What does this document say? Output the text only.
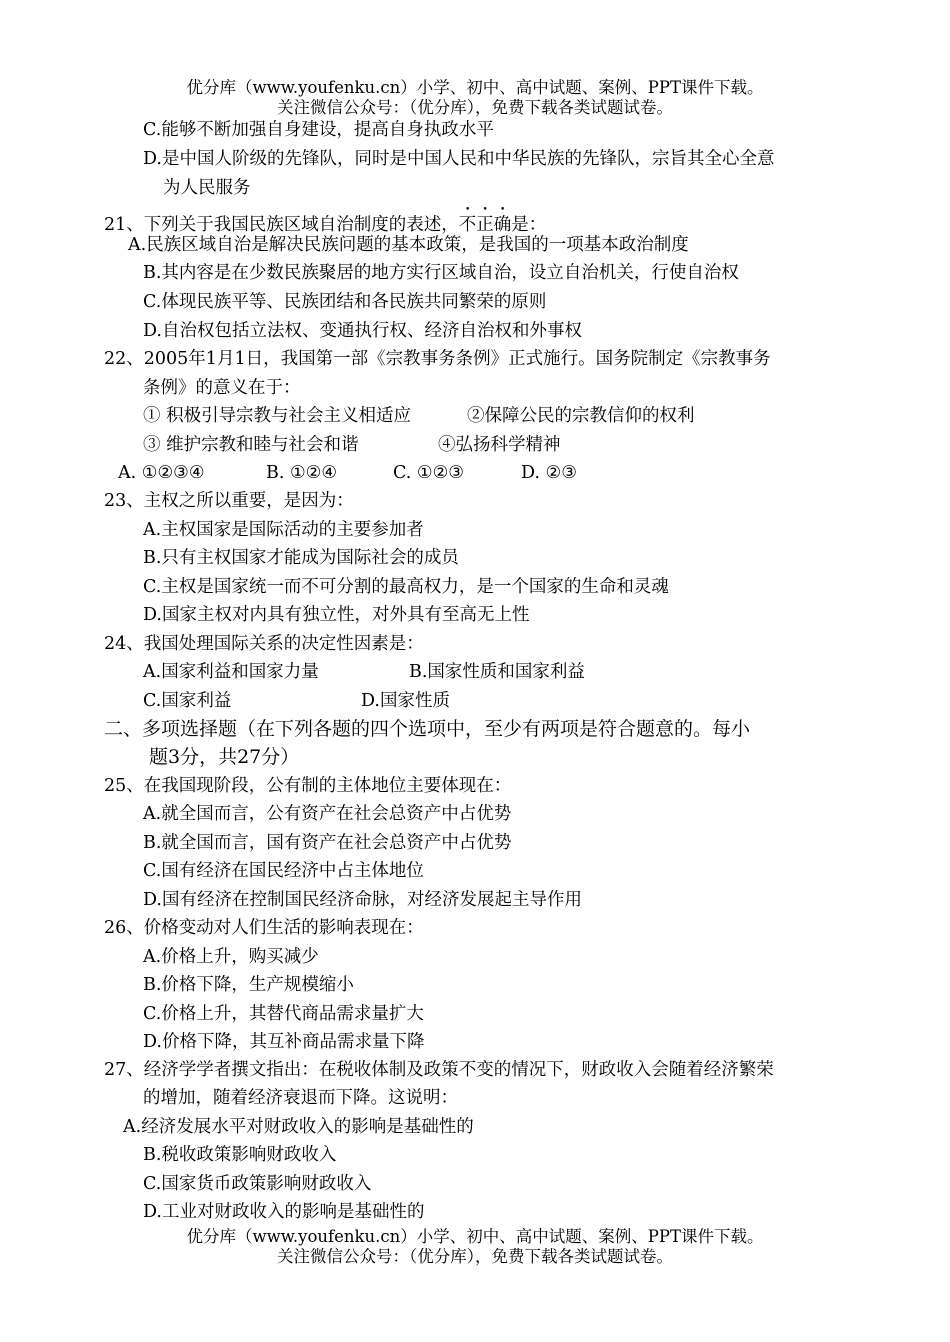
优分库（www.youfenku.cn）小学、初中、高中试题、案例、PPT课件下载。
关注微信公众号：（优分库），免费下载各类试题试卷。
C.能够不断加强自身建设，提高自身执政水平
D.是中国人阶级的先锋队，同时是中国人民和中华民族的先锋队，宗旨其全心全意
为人民服务
21、下列关于我国民族区域自治制度的表述，不正确是：
A.民族区域自治是解决民族问题的基本政策，是我国的一项基本政治制度
B.其内容是在少数民族聚居的地方实行区域自治，设立自治机关，行使自治权
C.体现民族平等、民族团结和各民族共同繁荣的原则
D.自治权包括立法权、变通执行权、经济自治权和外事权
22、2005年1月1日，我国第一部《宗教事务条例》正式施行。国务院制定《宗教事务
条例》的意义在于：
① 积极引导宗教与社会主义相适应	②保障公民的宗教信仰的权利
③ 维护宗教和睦与社会和谐	④弘扬科学精神
A. ①②③④	B. ①②④	C. ①②③	D. ②③
23、主权之所以重要，是因为：
A.主权国家是国际活动的主要参加者
B.只有主权国家才能成为国际社会的成员
C.主权是国家统一而不可分割的最高权力，是一个国家的生命和灵魂
D.国家主权对内具有独立性，对外具有至高无上性
24、我国处理国际关系的决定性因素是：
A.国家利益和国家力量	B.国家性质和国家利益
C.国家利益	D.国家性质
二、多项选择题（在下列各题的四个选项中，至少有两项是符合题意的。每小
题3分，共27分）
25、在我国现阶段，公有制的主体地位主要体现在：
A.就全国而言，公有资产在社会总资产中占优势
B.就全国而言，国有资产在社会总资产中占优势
C.国有经济在国民经济中占主体地位
D.国有经济在控制国民经济命脉，对经济发展起主导作用
26、价格变动对人们生活的影响表现在：
A.价格上升，购买减少
B.价格下降，生产规模缩小
C.价格上升，其替代商品需求量扩大
D.价格下降，其互补商品需求量下降
27、经济学学者撰文指出：在税收体制及政策不变的情况下，财政收入会随着经济繁荣
的增加，随着经济衰退而下降。这说明：
A.经济发展水平对财政收入的影响是基础性的
B.税收政策影响财政收入
C.国家货币政策影响财政收入
D.工业对财政收入的影响是基础性的
优分库（www.youfenku.cn）小学、初中、高中试题、案例、PPT课件下载。
关注微信公众号：（优分库），免费下载各类试题试卷。
